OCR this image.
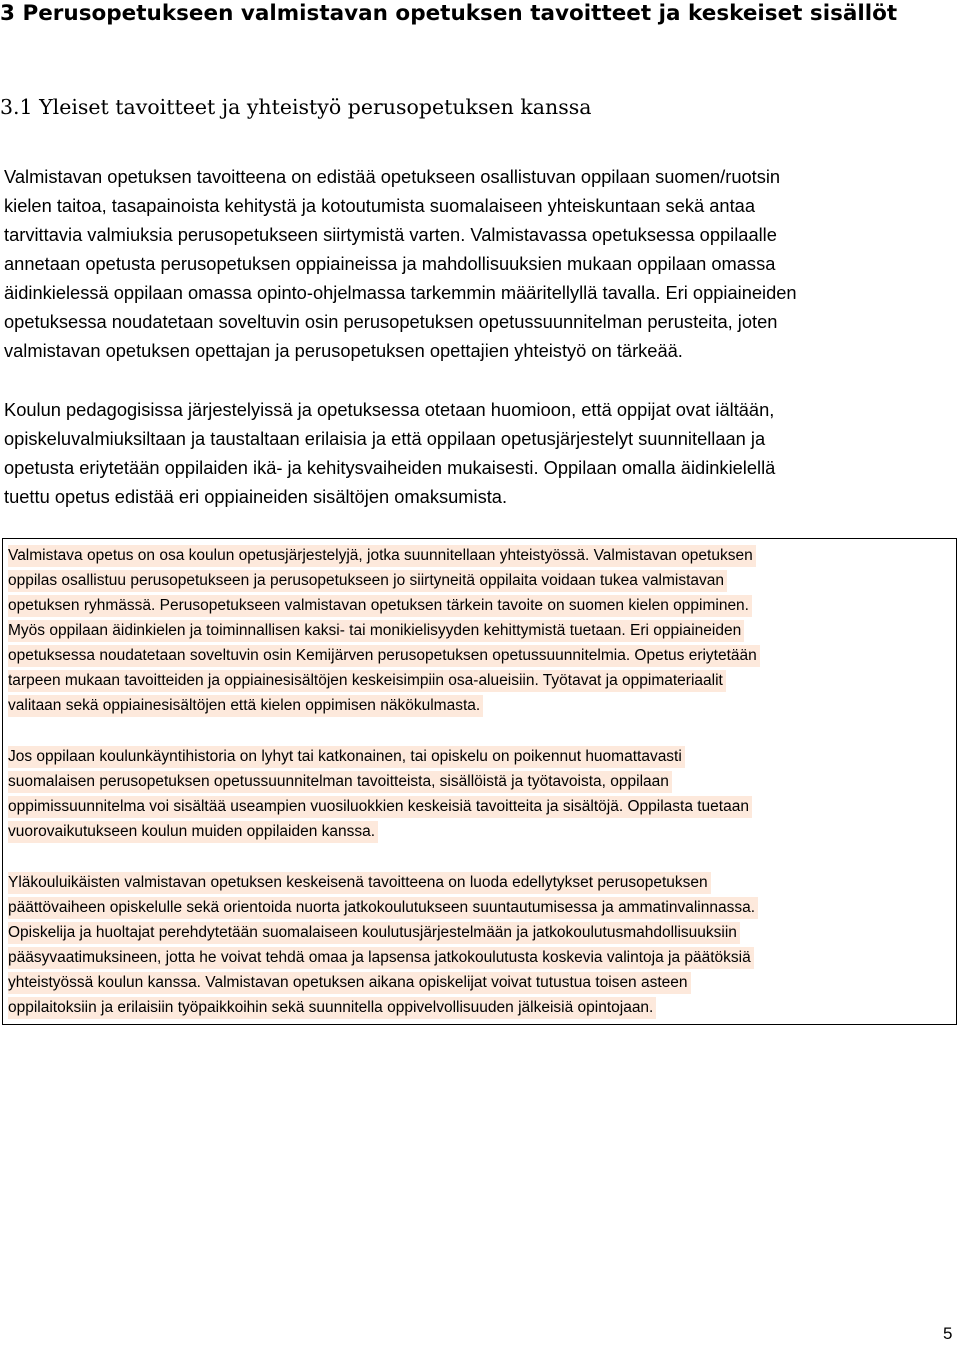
3 Perusopetukseen valmistavan opetuksen tavoitteet ja keskeiset sisällöt
3.1 Yleiset tavoitteet ja yhteistyö perusopetuksen kanssa
Valmistavan opetuksen tavoitteena on edistää opetukseen osallistuvan oppilaan suomen/ruotsin
kielen taitoa, tasapainoista kehitystä ja kotoutumista suomalaiseen yhteiskuntaan sekä antaa
tarvittavia valmiuksia perusopetukseen siirtymistä varten. Valmistavassa opetuksessa oppilaalle
annetaan opetusta perusopetuksen oppiaineissa ja mahdollisuuksien mukaan oppilaan omassa
äidinkielessä oppilaan omassa opinto-ohjelmassa tarkemmin määritellyllä tavalla. Eri oppiaineiden
opetuksessa noudatetaan soveltuvin osin perusopetuksen opetussuunnitelman perusteita, joten
valmistavan opetuksen opettajan ja perusopetuksen opettajien yhteistyö on tärkeää.
Koulun pedagogisissa järjestelyissä ja opetuksessa otetaan huomioon, että oppijat ovat iältään,
opiskeluvalmiuksiltaan ja taustaltaan erilaisia ja että oppilaan opetusjärjestelyt suunnitellaan ja
opetusta eriytetään oppilaiden ikä- ja kehitysvaiheiden mukaisesti. Oppilaan omalla äidinkielellä
tuettu opetus edistää eri oppiaineiden sisältöjen omaksumista.
Valmistava opetus on osa koulun opetusjärjestelyjä, jotka suunnitellaan yhteistyössä. Valmistavan opetuksen
oppilas osallistuu perusopetukseen ja perusopetukseen jo siirtyneitä oppilaita voidaan tukea valmistavan
opetuksen ryhmässä. Perusopetukseen valmistavan opetuksen tärkein tavoite on suomen kielen oppiminen.
Myös oppilaan äidinkielen ja toiminnallisen kaksi- tai monikielisyyden kehittymistä tuetaan. Eri oppiaineiden
opetuksessa noudatetaan soveltuvin osin Kemijärven perusopetuksen opetussuunnitelmia. Opetus eriytetään
tarpeen mukaan tavoitteiden ja oppiainesisältöjen keskeisimpiin osa-alueisiin. Työtavat ja oppimateriaalit
valitaan sekä oppiainesisältöjen että kielen oppimisen näkökulmasta.
Jos oppilaan koulunkäyntihistoria on lyhyt tai katkonainen, tai opiskelu on poikennut huomattavasti
suomalaisen perusopetuksen opetussuunnitelman tavoitteista, sisällöistä ja työtavoista, oppilaan
oppimissuunnitelma voi sisältää useampien vuosiluokkien keskeisiä tavoitteita ja sisältöjä. Oppilasta tuetaan
vuorovaikutukseen koulun muiden oppilaiden kanssa.
Yläkouluikäisten valmistavan opetuksen keskeisenä tavoitteena on luoda edellytykset perusopetuksen
päättövaiheen opiskelulle sekä orientoida nuorta jatkokoulutukseen suuntautumisessa ja ammatinvalinnassa.
Opiskelija ja huoltajat perehdytetään suomalaiseen koulutusjärjestelmään ja jatkokoulutusmahdollisuuksiin
pääsyvaatimuksineen, jotta he voivat tehdä omaa ja lapsensa jatkokoulutusta koskevia valintoja ja päätöksiä
yhteistyössä koulun kanssa. Valmistavan opetuksen aikana opiskelijat voivat tutustua toisen asteen
oppilaitoksiin ja erilaisiin työpaikkoihin sekä suunnitella oppivelvollisuuden jälkeisiä opintojaan.
5
